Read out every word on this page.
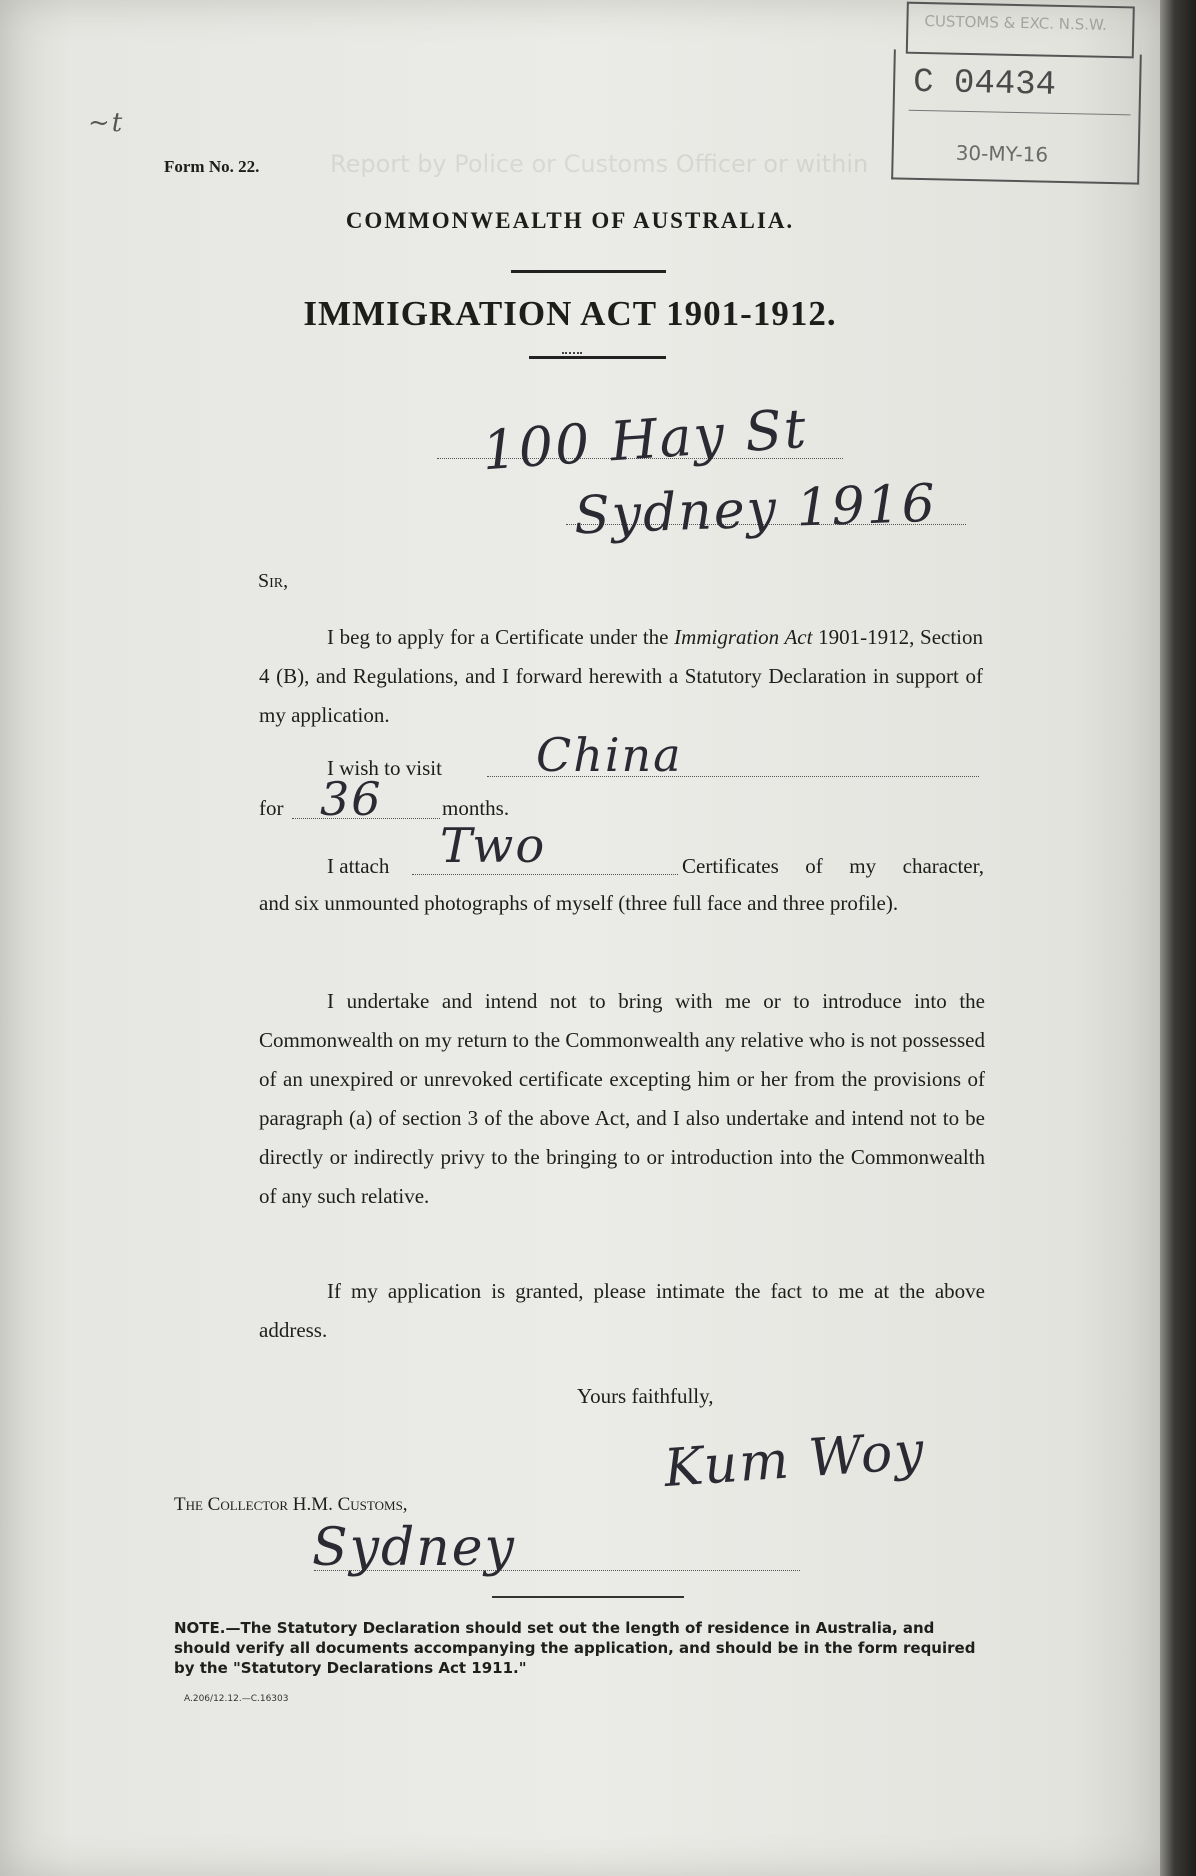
Report by Police or Customs Officer or within
~t
Form No. 22.
CUSTOMS & EXC. N.S.W.
C 04434
30-MY-16
COMMONWEALTH OF AUSTRALIA.
IMMIGRATION ACT 1901-1912.
100 Hay St
Sydney 1916
Sir,
I beg to apply for a Certificate under the Immigration Act 1901-1912, Section 4 (B), and Regulations, and I forward herewith a Statutory Declaration in support of my application.
I wish to visit China
for 36	months.
I attach Two	Certificates of my character,
and six unmounted photographs of myself (three full face and three profile).
I undertake and intend not to bring with me or to introduce into the Commonwealth on my return to the Commonwealth any relative who is not possessed of an unexpired or unrevoked certificate excepting him or her from the provisions of paragraph (a) of section 3 of the above Act, and I also undertake and intend not to be directly or indirectly privy to the bringing to or introduction into the Commonwealth of any such relative.
If my application is granted, please intimate the fact to me at the above address.
Yours faithfully,
Kum Woy
The Collector H.M. Customs,
Sydney
NOTE.—The Statutory Declaration should set out the length of residence in Australia, and should verify all documents accompanying the application, and should be in the form required by the "Statutory Declarations Act 1911."
A.206/12.12.—C.16303
